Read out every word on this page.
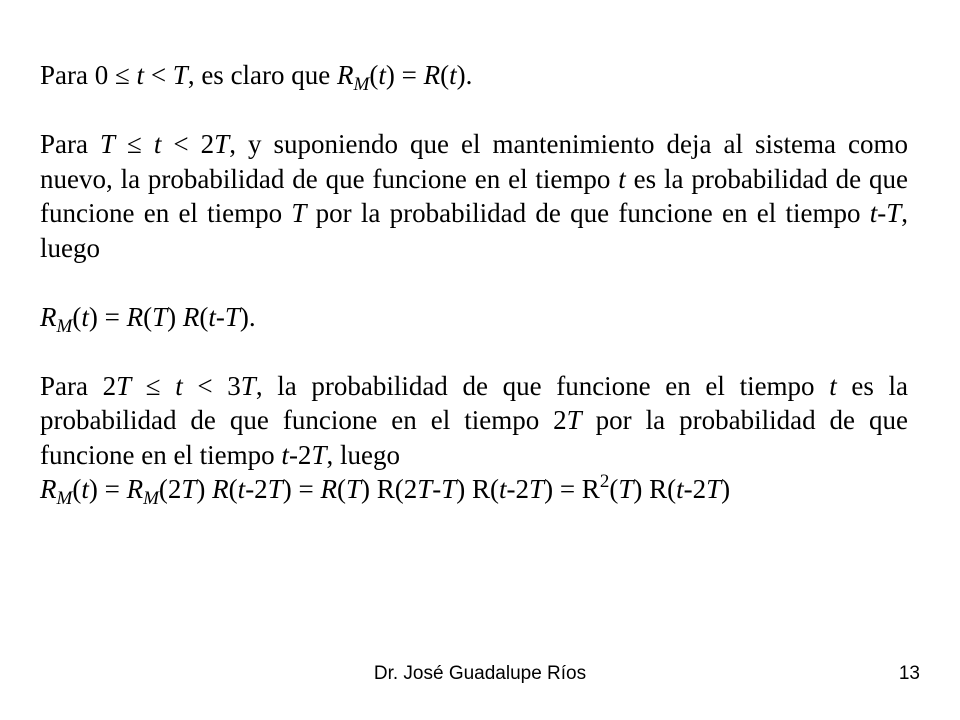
Para 0 ≤ t < T, es claro que $R_M(t) = R(t)$.

Para T ≤ t < 2T, y suponiendo que el mantenimiento deja al sistema como nuevo, la probabilidad de que funcione en el tiempo t es la probabilidad de que funcione en el tiempo T por la probabilidad de que funcione en el tiempo t-T, luego

$R_M(t) = R(T)$ R(t-T).

Para 2T ≤ t < 3T, la probabilidad de que funcione en el tiempo t es la probabilidad de que funcione en el tiempo 2T por la probabilidad de que funcione en el tiempo t-2T, luego

$R_M(t) = R_M(2T) R(t-2T) = R(T)$ R(2T-T) $R(t-2T) = R^2(T)$ R(t-2T)

Dr. José Guadalupe Ríos	13
